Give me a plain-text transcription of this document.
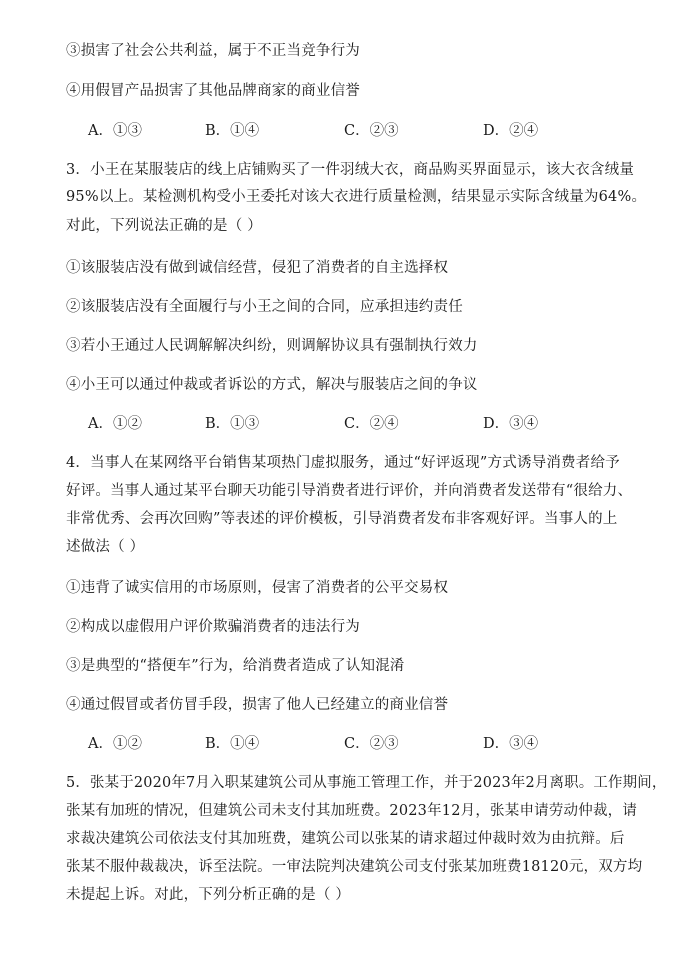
③损害了社会公共利益，属于不正当竞争行为
④用假冒产品损害了其他品牌商家的商业信誉
A．①③	B．①④	C．②③	D．②④
3．小王在某服装店的线上店铺购买了一件羽绒大衣，商品购买界面显示，该大衣含绒量
95%以上。某检测机构受小王委托对该大衣进行质量检测，结果显示实际含绒量为64%。
对此，下列说法正确的是（ ）
①该服装店没有做到诚信经营，侵犯了消费者的自主选择权
②该服装店没有全面履行与小王之间的合同，应承担违约责任
③若小王通过人民调解解决纠纷，则调解协议具有强制执行效力
④小王可以通过仲裁或者诉讼的方式，解决与服装店之间的争议
A．①②	B．①③	C．②④	D．③④
4．当事人在某网络平台销售某项热门虚拟服务，通过“好评返现”方式诱导消费者给予
好评。当事人通过某平台聊天功能引导消费者进行评价，并向消费者发送带有“很给力、
非常优秀、会再次回购”等表述的评价模板，引导消费者发布非客观好评。当事人的上
述做法（ ）
①违背了诚实信用的市场原则，侵害了消费者的公平交易权
②构成以虚假用户评价欺骗消费者的违法行为
③是典型的“搭便车”行为，给消费者造成了认知混淆
④通过假冒或者仿冒手段，损害了他人已经建立的商业信誉
A．①②	B．①④	C．②③	D．③④
5．张某于2020年7月入职某建筑公司从事施工管理工作，并于2023年2月离职。工作期间，
张某有加班的情况，但建筑公司未支付其加班费。2023年12月，张某申请劳动仲裁，请
求裁决建筑公司依法支付其加班费，建筑公司以张某的请求超过仲裁时效为由抗辩。后
张某不服仲裁裁决，诉至法院。一审法院判决建筑公司支付张某加班费18120元，双方均
未提起上诉。对此，下列分析正确的是（ ）
